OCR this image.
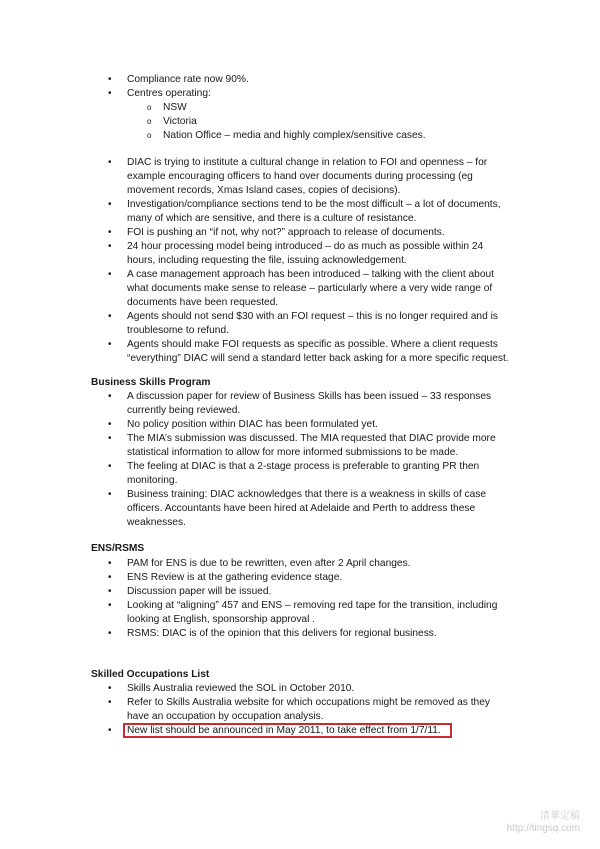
• Compliance rate now 90%.
• Centres operating:
o NSW
o Victoria
o Nation Office – media and highly complex/sensitive cases.
• DIAC is trying to institute a cultural change in relation to FOI and openness – for
example encouraging officers to hand over documents during processing (eg
movement records, Xmas Island cases, copies of decisions).
• Investigation/compliance sections tend to be the most difficult – a lot of documents,
many of which are sensitive, and there is a culture of resistance.
• FOI is pushing an “if not, why not?” approach to release of documents.
• 24 hour processing model being introduced – do as much as possible within 24
hours, including requesting the file, issuing acknowledgement.
• A case management approach has been introduced – talking with the client about
what documents make sense to release – particularly where a very wide range of
documents have been requested.
• Agents should not send $30 with an FOI request – this is no longer required and is
troublesome to refund.
• Agents should make FOI requests as specific as possible. Where a client requests
“everything” DIAC will send a standard letter back asking for a more specific request.
Business Skills Program
• A discussion paper for review of Business Skills has been issued – 33 responses
currently being reviewed.
• No policy position within DIAC has been formulated yet.
• The MIA’s submission was discussed. The MIA requested that DIAC provide more
statistical information to allow for more informed submissions to be made.
• The feeling at DIAC is that a 2-stage process is preferable to granting PR then
monitoring.
• Business training: DIAC acknowledges that there is a weakness in skills of case
officers. Accountants have been hired at Adelaide and Perth to address these
weaknesses.
ENS/RSMS
• PAM for ENS is due to be rewritten, even after 2 April changes.
• ENS Review is at the gathering evidence stage.
• Discussion paper will be issued.
• Looking at “aligning” 457 and ENS – removing red tape for the transition, including
looking at English, sponsorship approval .
• RSMS: DIAC is of the opinion that this delivers for regional business.
Skilled Occupations List
• Skills Australia reviewed the SOL in October 2010.
• Refer to Skills Australia website for which occupations might be removed as they
have an occupation by occupation analysis.
• New list should be announced in May 2011, to take effect from 1/7/11.
清華定稿
http://tingsq.com
